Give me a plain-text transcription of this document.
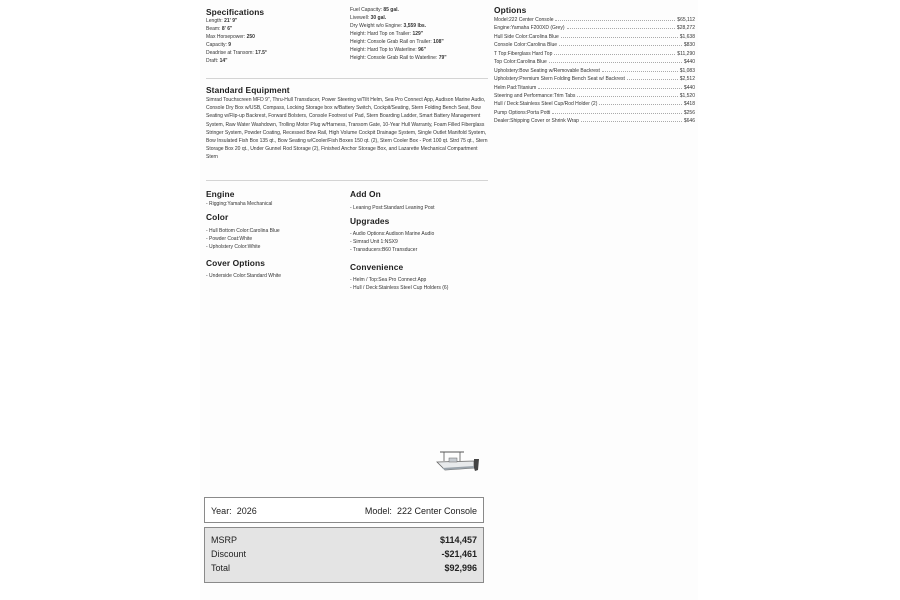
Specifications
Length: 21' 9"
Beam: 8' 6"
Max Horsepower: 250
Capacity: 9
Deadrise at Transom: 17.5°
Draft: 14"
Fuel Capacity: 85 gal.
Livewell: 30 gal.
Dry Weight w/o Engine: 3,559 lbs.
Height: Hard Top on Trailer: 129"
Height: Console Grab Rail on Trailer: 108"
Height: Hard Top to Waterline: 96"
Height: Console Grab Rail to Waterline: 79"
Standard Equipment
Simrad Touchscreen MFD 9", Thru-Hull Transducer, Power Steering w/Tilt Helm, Sea Pro Connect App, Audison Marine Audio, Console Dry Box w/USB, Compass, Locking Storage box w/Battery Switch, Cockpit/Seating, Stern Folding Bench Seat, Bow Seating w/Flip-up Backrest, Forward Bolsters, Console Footrest w/ Pad, Stern Boarding Ladder, Smart Battery Management System, Raw Water Washdown, Trolling Motor Plug w/Harness, Transom Gate, 10-Year Hull Warranty, Foam Filled Fiberglass Stringer System, Powder Coating, Recessed Bow Rail, High Volume Cockpit Drainage System, Single Outlet Manifold System, Bow Insulated Fish Box 135 qt., Bow Seating w/Cooler/Fish Boxes 150 qt. (2), Stern Cooler Box - Port 100 qt. Strd 75 qt., Stern Storage Box 20 qt., Under Gunnel Rod Storage (2), Finished Anchor Storage Box, and Lazarette Mechanical Compartment Stern
Options
Model:222 Center Console	$65,112
Engine:Yamaha F200XD (Grey)	$28,272
Hull Side Color:Carolina Blue	$1,638
Console Color:Carolina Blue	$830
T Top:Fiberglass Hard Top	$11,290
Top Color:Carolina Blue	$440
Upholstery:Bow Seating w/Removable Backrest	$1,083
Upholstery:Premium Stern Folding Bench Seat w/ Backrest	$2,512
Helm Pad:Titanium	$440
Steering and Performance:Trim Tabs	$1,520
Hull / Deck:Stainless Steel Cup/Rod Holder (2)	$418
Pump Options:Porta Potti	$256
Dealer:Shipping Cover or Shrink Wrap	$646
Engine
- Rigging:Yamaha Mechanical
Color
- Hull Bottom Color:Carolina Blue
- Powder Coat:White
- Upholstery Color:White
Cover Options
- Underside Color:Standard White
Add On
- Leaning Post:Standard Leaning Post
Upgrades
- Audio Options:Audison Marine Audio
- Simrad Unit 1:NSX9
- Transducers:B60 Transducer
Convenience
- Helm / Top:Sea Pro Connect App
- Hull / Deck:Stainless Steel Cup Holders (6)
Year: 2026	Model: 222 Center Console
MSRP	$114,457
Discount	-$21,461
Total	$92,996
